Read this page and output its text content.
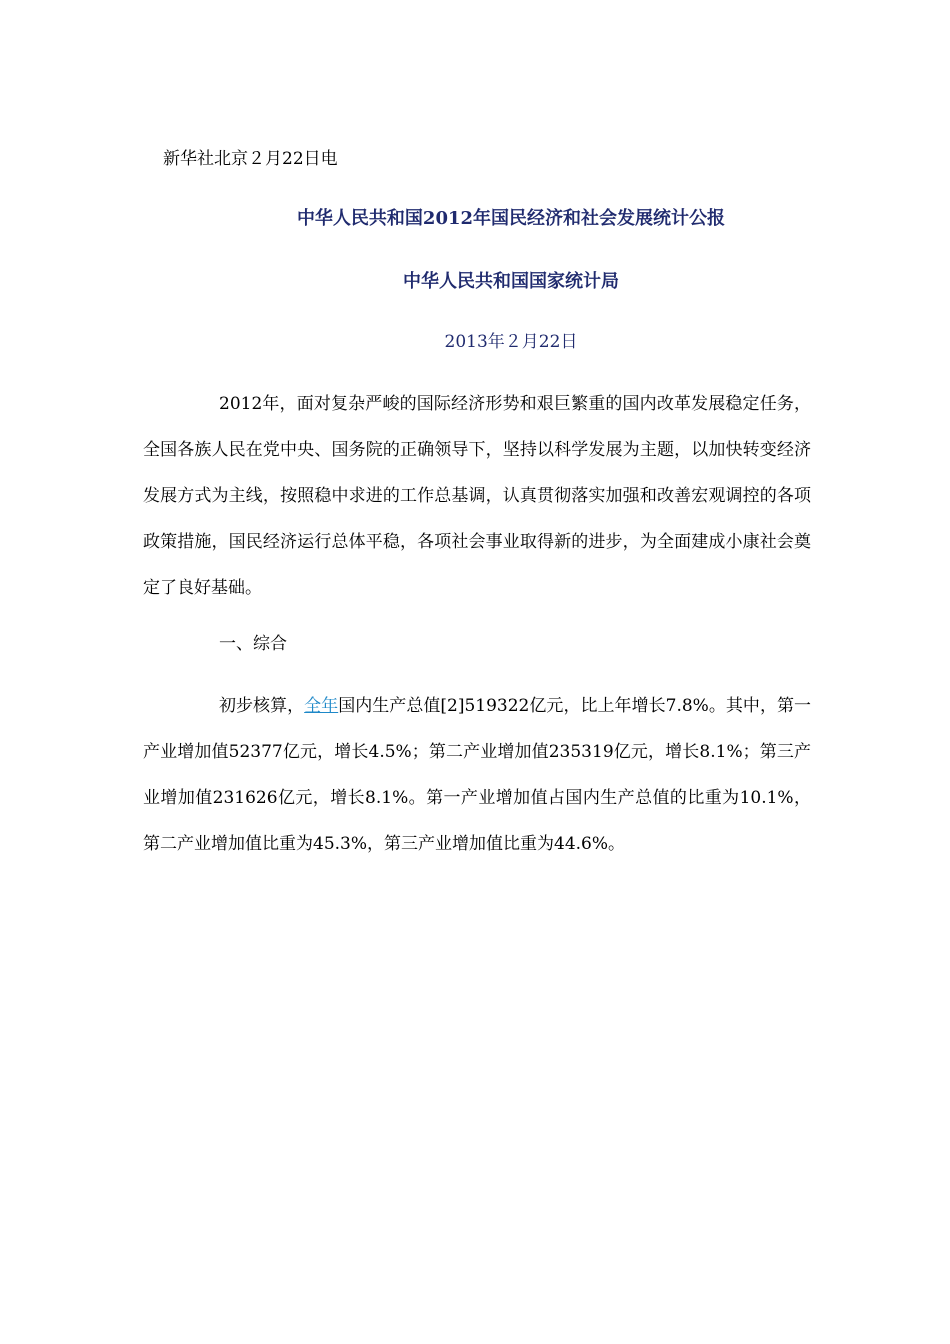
新华社北京２月22日电

中华人民共和国2012年国民经济和社会发展统计公报

中华人民共和国国家统计局

2013年２月22日

2012年，面对复杂严峻的国际经济形势和艰巨繁重的国内改革发展稳定任务，全国各族人民在党中央、国务院的正确领导下，坚持以科学发展为主题，以加快转变经济发展方式为主线，按照稳中求进的工作总基调，认真贯彻落实加强和改善宏观调控的各项政策措施，国民经济运行总体平稳，各项社会事业取得新的进步，为全面建成小康社会奠定了良好基础。

一、综合

初步核算，全年国内生产总值[2]519322亿元，比上年增长7.8%。其中，第一产业增加值52377亿元，增长4.5%；第二产业增加值235319亿元，增长8.1%；第三产业增加值231626亿元，增长8.1%。第一产业增加值占国内生产总值的比重为10.1%，第二产业增加值比重为45.3%，第三产业增加值比重为44.6%。
